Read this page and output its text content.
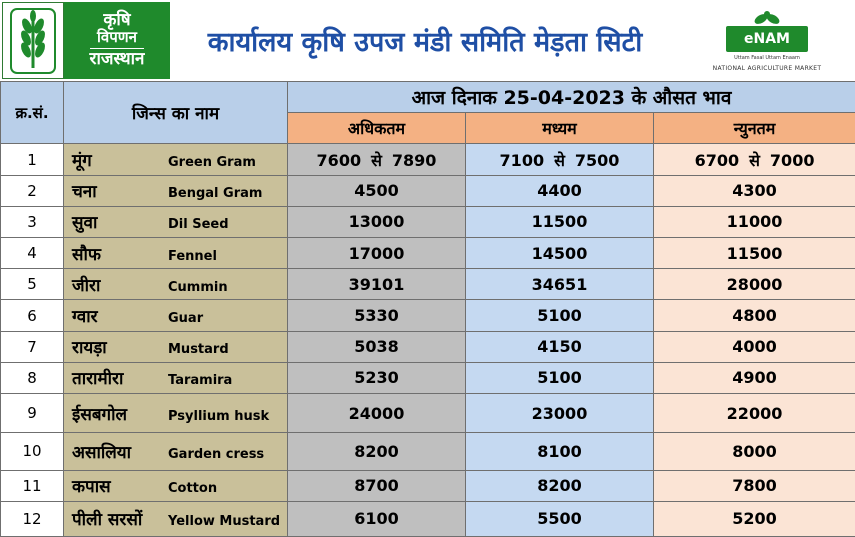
कृषि
विपणन
राजस्थान
कार्यालय कृषि उपज मंडी समिति मेड़ता सिटी	eNAM
Uttam Fasal Uttam Enaam
NATIONAL AGRICULTURE MARKET
क्र.सं.	जिन्स का नाम	आज दिनाक 25-04-2023 के औसत भाव		
		अधिकतम	मध्यम	न्युनतम
1	मूंग Green Gram	7600 से 7890	7100 से 7500	6700 से 7000
2	चना Bengal Gram	4500	4400	4300
3	सुवा Dil Seed	13000	11500	11000
4	सौफ Fennel	17000	14500	11500
5	जीरा Cummin	39101	34651	28000
6	ग्वार Guar	5330	5100	4800
7	रायड़ा Mustard	5038	4150	4000
8	तारामीरा Taramira	5230	5100	4900
9	ईसबगोल Psyllium husk	24000	23000	22000
10	असालिया Garden cress	8200	8100	8000
11	कपास Cotton	8700	8200	7800
12	पीली सरसों Yellow Mustard	6100	5500	5200
